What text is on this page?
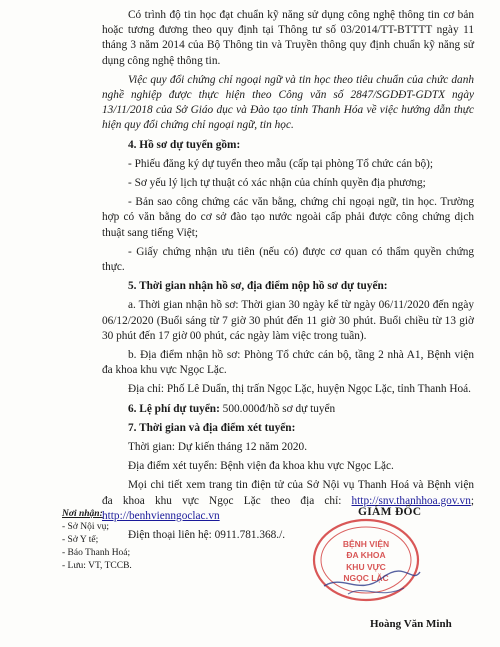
Có trình độ tin học đạt chuẩn kỹ năng sử dụng công nghệ thông tin cơ bản hoặc tương đương theo quy định tại Thông tư số 03/2014/TT-BTTTT ngày 11 tháng 3 năm 2014 của Bộ Thông tin và Truyền thông quy định chuẩn kỹ năng sử dụng công nghệ thông tin.

Việc quy đổi chứng chỉ ngoại ngữ và tin học theo tiêu chuẩn của chức danh nghề nghiệp được thực hiện theo Công văn số 2847/SGDĐT-GDTX ngày 13/11/2018 của Sở Giáo dục và Đào tạo tỉnh Thanh Hóa về việc hướng dẫn thực hiện quy đổi chứng chỉ ngoại ngữ, tin học.

4. Hồ sơ dự tuyển gồm:

- Phiếu đăng ký dự tuyển theo mẫu (cấp tại phòng Tổ chức cán bộ);

- Sơ yếu lý lịch tự thuật có xác nhận của chính quyền địa phương;

- Bản sao công chứng các văn bằng, chứng chỉ ngoại ngữ, tin học. Trường hợp có văn bằng do cơ sở đào tạo nước ngoài cấp phải được công chứng dịch thuật sang tiếng Việt;

- Giấy chứng nhận ưu tiên (nếu có) được cơ quan có thẩm quyền chứng thực.

5. Thời gian nhận hồ sơ, địa điểm nộp hồ sơ dự tuyển:

a. Thời gian nhận hồ sơ: Thời gian 30 ngày kể từ ngày 06/11/2020 đến ngày 06/12/2020 (Buổi sáng từ 7 giờ 30 phút đến 11 giờ 30 phút. Buổi chiều từ 13 giờ 30 phút đến 17 giờ 00 phút, các ngày làm việc trong tuần).

b. Địa điểm nhận hồ sơ: Phòng Tổ chức cán bộ, tầng 2 nhà A1, Bệnh viện đa khoa khu vực Ngọc Lặc.

Địa chỉ: Phố Lê Duẩn, thị trấn Ngọc Lặc, huyện Ngọc Lặc, tỉnh Thanh Hoá.

6. Lệ phí dự tuyển: 500.000đ/hồ sơ dự tuyển

7. Thời gian và địa điểm xét tuyển:

Thời gian: Dự kiến tháng 12 năm 2020.

Địa điểm xét tuyển: Bệnh viện đa khoa khu vực Ngọc Lặc.

Mọi chi tiết xem trang tin điện tử của Sở Nội vụ Thanh Hoá và Bệnh viện đa khoa khu vực Ngọc Lặc theo địa chỉ: http://snv.thanhhoa.gov.vn; http://benhvienngoclac.vn

Điện thoại liên hệ: 0911.781.368./.

Nơi nhận:
- Sở Nội vụ;
- Sở Y tế;
- Báo Thanh Hoá;
- Lưu: VT, TCCB.
GIÁM ĐỐC
BỆNH VIỆN
ĐA KHOA
KHU VỰC
NGỌC LẶC
Hoàng Văn Minh
